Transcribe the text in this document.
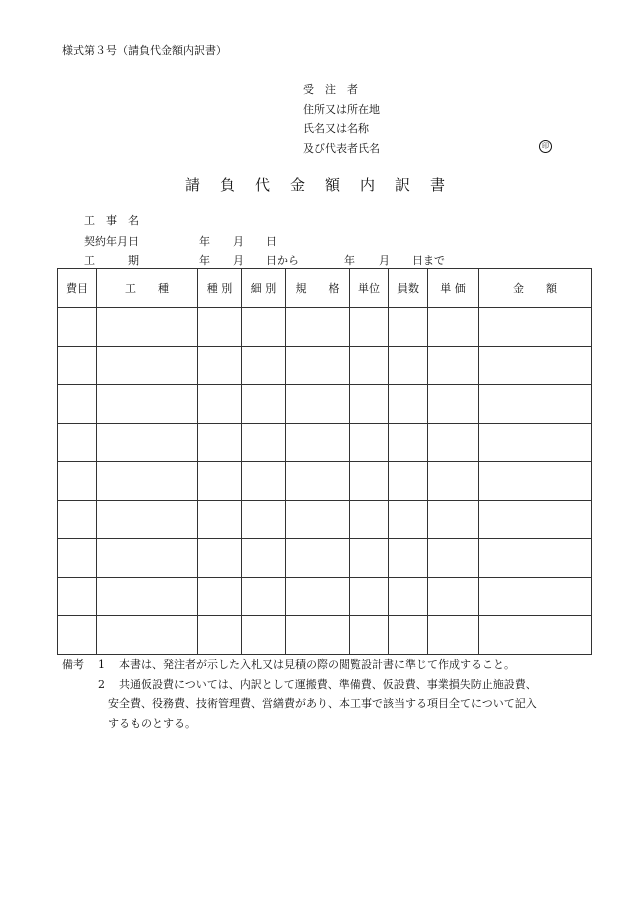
様式第３号（請負代金額内訳書）
受　注　者
住所又は所在地
氏名又は名称
及び代表者氏名	印
請負代金額内訳書
工　事　名
契約年月日	年 月 日
工　　　期	年 月 日から	年 月 日まで
費目	工　　種	種 別	細 別	規　　格	単位	員数	単 価	金　　額

備考 1 本書は、発注者が示した入札又は見積の際の閲覧設計書に準じて作成すること。
2 共通仮設費については、内訳として運搬費、準備費、仮設費、事業損失防止施設費、
安全費、役務費、技術管理費、営繕費があり、本工事で該当する項目全てについて記入
するものとする。
